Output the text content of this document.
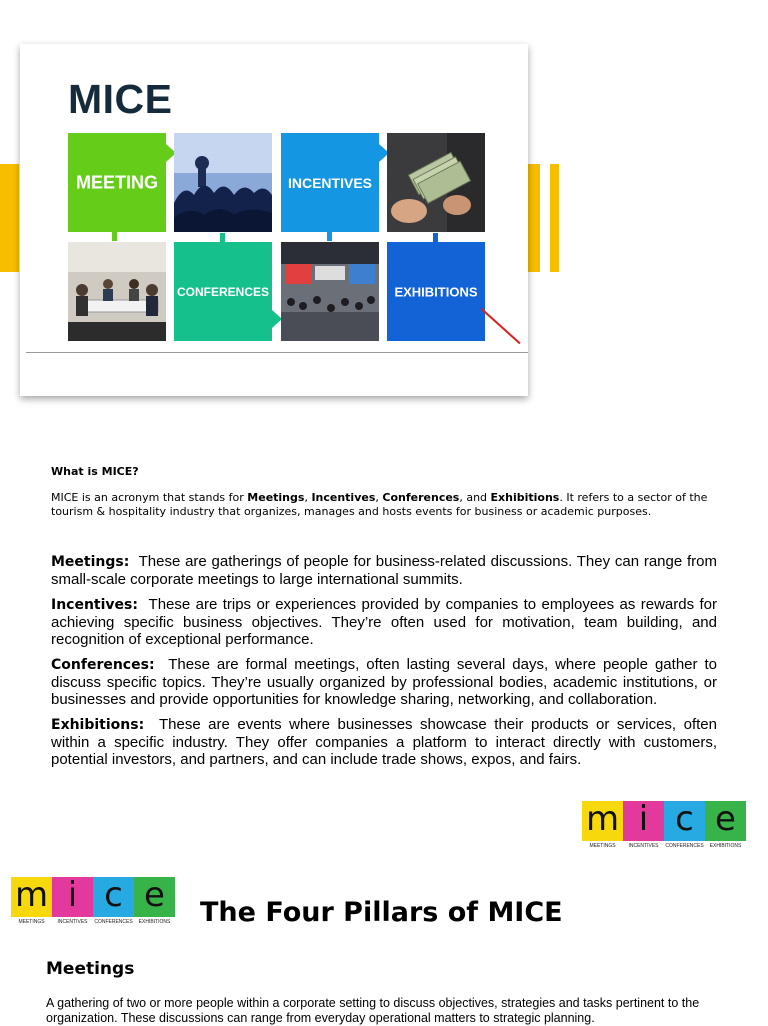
MICE
MEETING	INCENTIVES
CONFERENCES	EXHIBITIONS
What is MICE?

MICE is an acronym that stands for Meetings, Incentives, Conferences, and Exhibitions. It refers to a sector of the tourism & hospitality industry that organizes, manages and hosts events for business or academic purposes.

Meetings: These are gatherings of people for business-related discussions. They can range from small-scale corporate meetings to large international summits.

Incentives: These are trips or experiences provided by companies to employees as rewards for achieving specific business objectives. They’re often used for motivation, team building, and recognition of exceptional performance.

Conferences: These are formal meetings, often lasting several days, where people gather to discuss specific topics. They’re usually organized by professional bodies, academic institutions, or businesses and provide opportunities for knowledge sharing, networking, and collaboration.

Exhibitions: These are events where businesses showcase their products or services, often within a specific industry. They offer companies a platform to interact directly with customers, potential investors, and partners, and can include trade shows, expos, and fairs.

m i c e
MEETINGS	INCENTIVES	CONFERENCES	EXHIBITIONS
m i c e
MEETINGS	INCENTIVES	CONFERENCES	EXHIBITIONS The Four Pillars of MICE
Meetings

A gathering of two or more people within a corporate setting to discuss objectives, strategies and tasks pertinent to the organization. These discussions can range from everyday operational matters to strategic planning.
